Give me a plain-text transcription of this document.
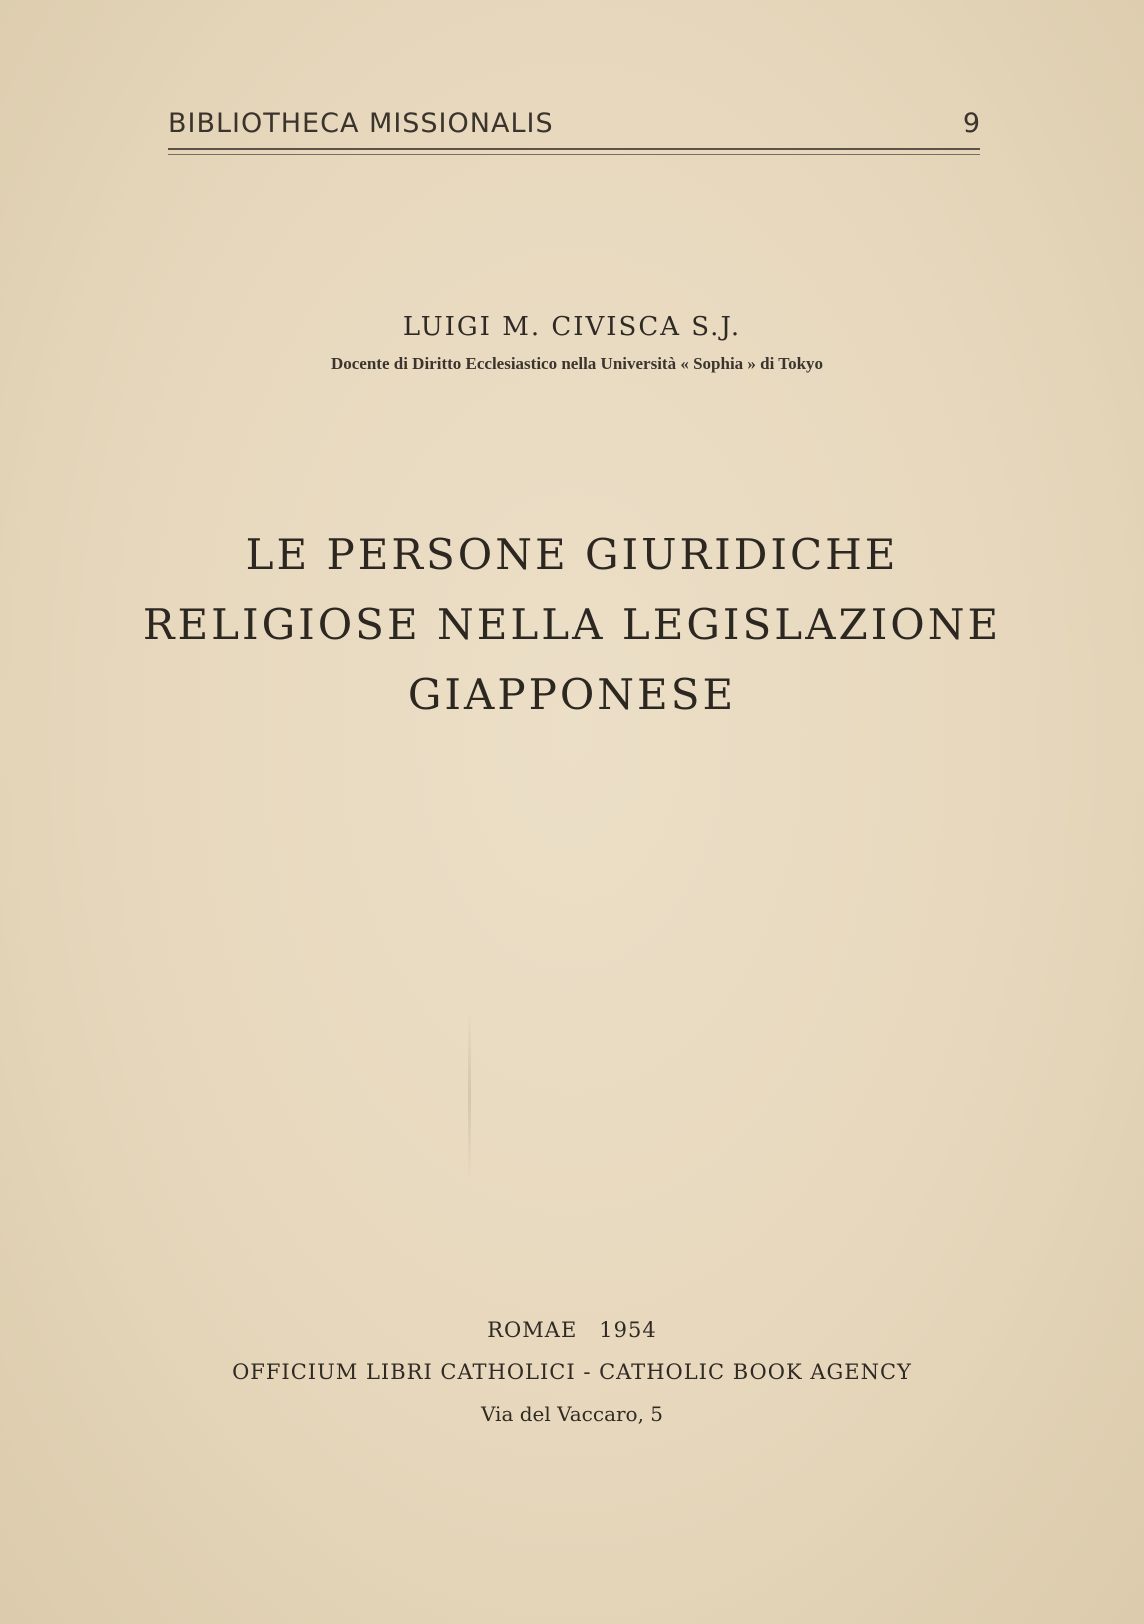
BIBLIOTHECA MISSIONALIS	9

LUIGI M. CIVISCA S.J.

Docente di Diritto Ecclesiastico nella Università « Sophia » di Tokyo

LE PERSONE GIURIDICHE

RELIGIOSE NELLA LEGISLAZIONE

GIAPPONESE

ROMAE 1954

OFFICIUM LIBRI CATHOLICI - CATHOLIC BOOK AGENCY

Via del Vaccaro, 5
